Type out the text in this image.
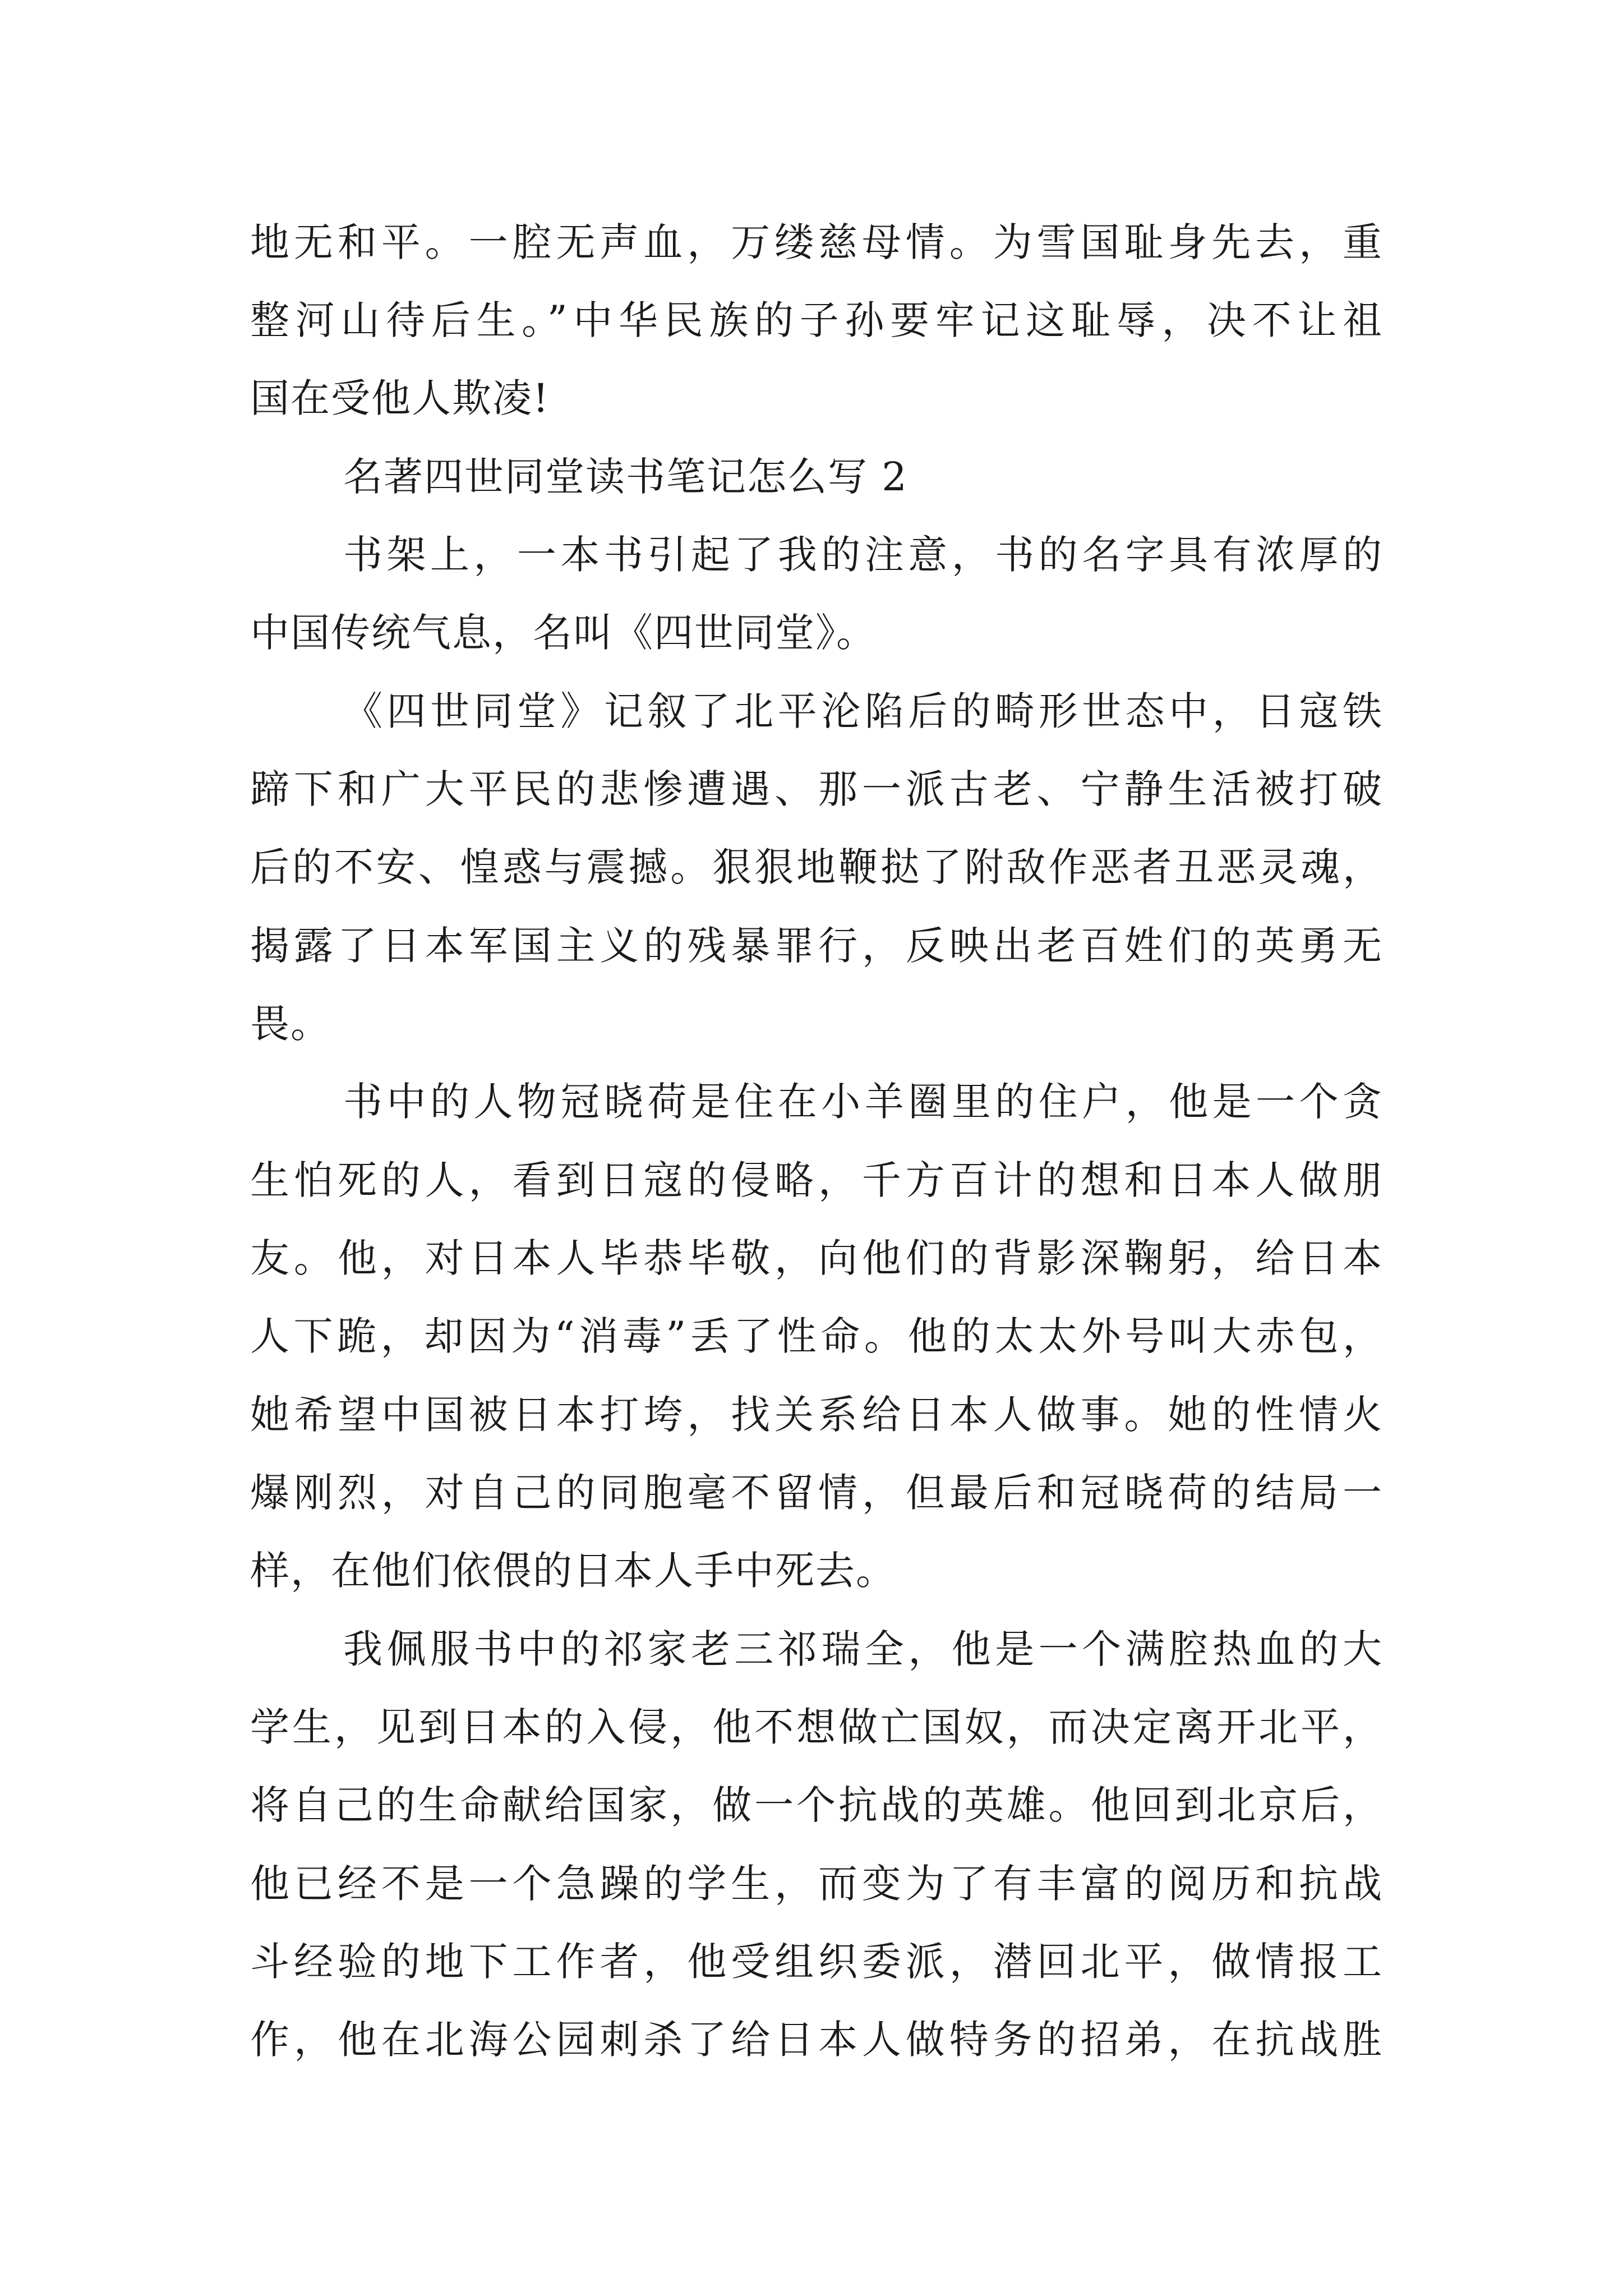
地无和平。一腔无声血，万缕慈母情。为雪国耻身先去，重
整河山待后生。”中华民族的子孙要牢记这耻辱，决不让祖
国在受他人欺凌!
名著四世同堂读书笔记怎么写 2
书架上，一本书引起了我的注意，书的名字具有浓厚的
中国传统气息，名叫《四世同堂》。
《四世同堂》记叙了北平沦陷后的畸形世态中，日寇铁
蹄下和广大平民的悲惨遭遇、那一派古老、宁静生活被打破
后的不安、惶惑与震撼。狠狠地鞭挞了附敌作恶者丑恶灵魂，
揭露了日本军国主义的残暴罪行，反映出老百姓们的英勇无
畏。
书中的人物冠晓荷是住在小羊圈里的住户，他是一个贪
生怕死的人，看到日寇的侵略，千方百计的想和日本人做朋
友。他，对日本人毕恭毕敬，向他们的背影深鞠躬，给日本
人下跪，却因为“消毒”丢了性命。他的太太外号叫大赤包，
她希望中国被日本打垮，找关系给日本人做事。她的性情火
爆刚烈，对自己的同胞毫不留情，但最后和冠晓荷的结局一
样，在他们依偎的日本人手中死去。
我佩服书中的祁家老三祁瑞全，他是一个满腔热血的大
学生，见到日本的入侵，他不想做亡国奴，而决定离开北平，
将自己的生命献给国家，做一个抗战的英雄。他回到北京后，
他已经不是一个急躁的学生，而变为了有丰富的阅历和抗战
斗经验的地下工作者，他受组织委派，潜回北平，做情报工
作，他在北海公园刺杀了给日本人做特务的招弟，在抗战胜
